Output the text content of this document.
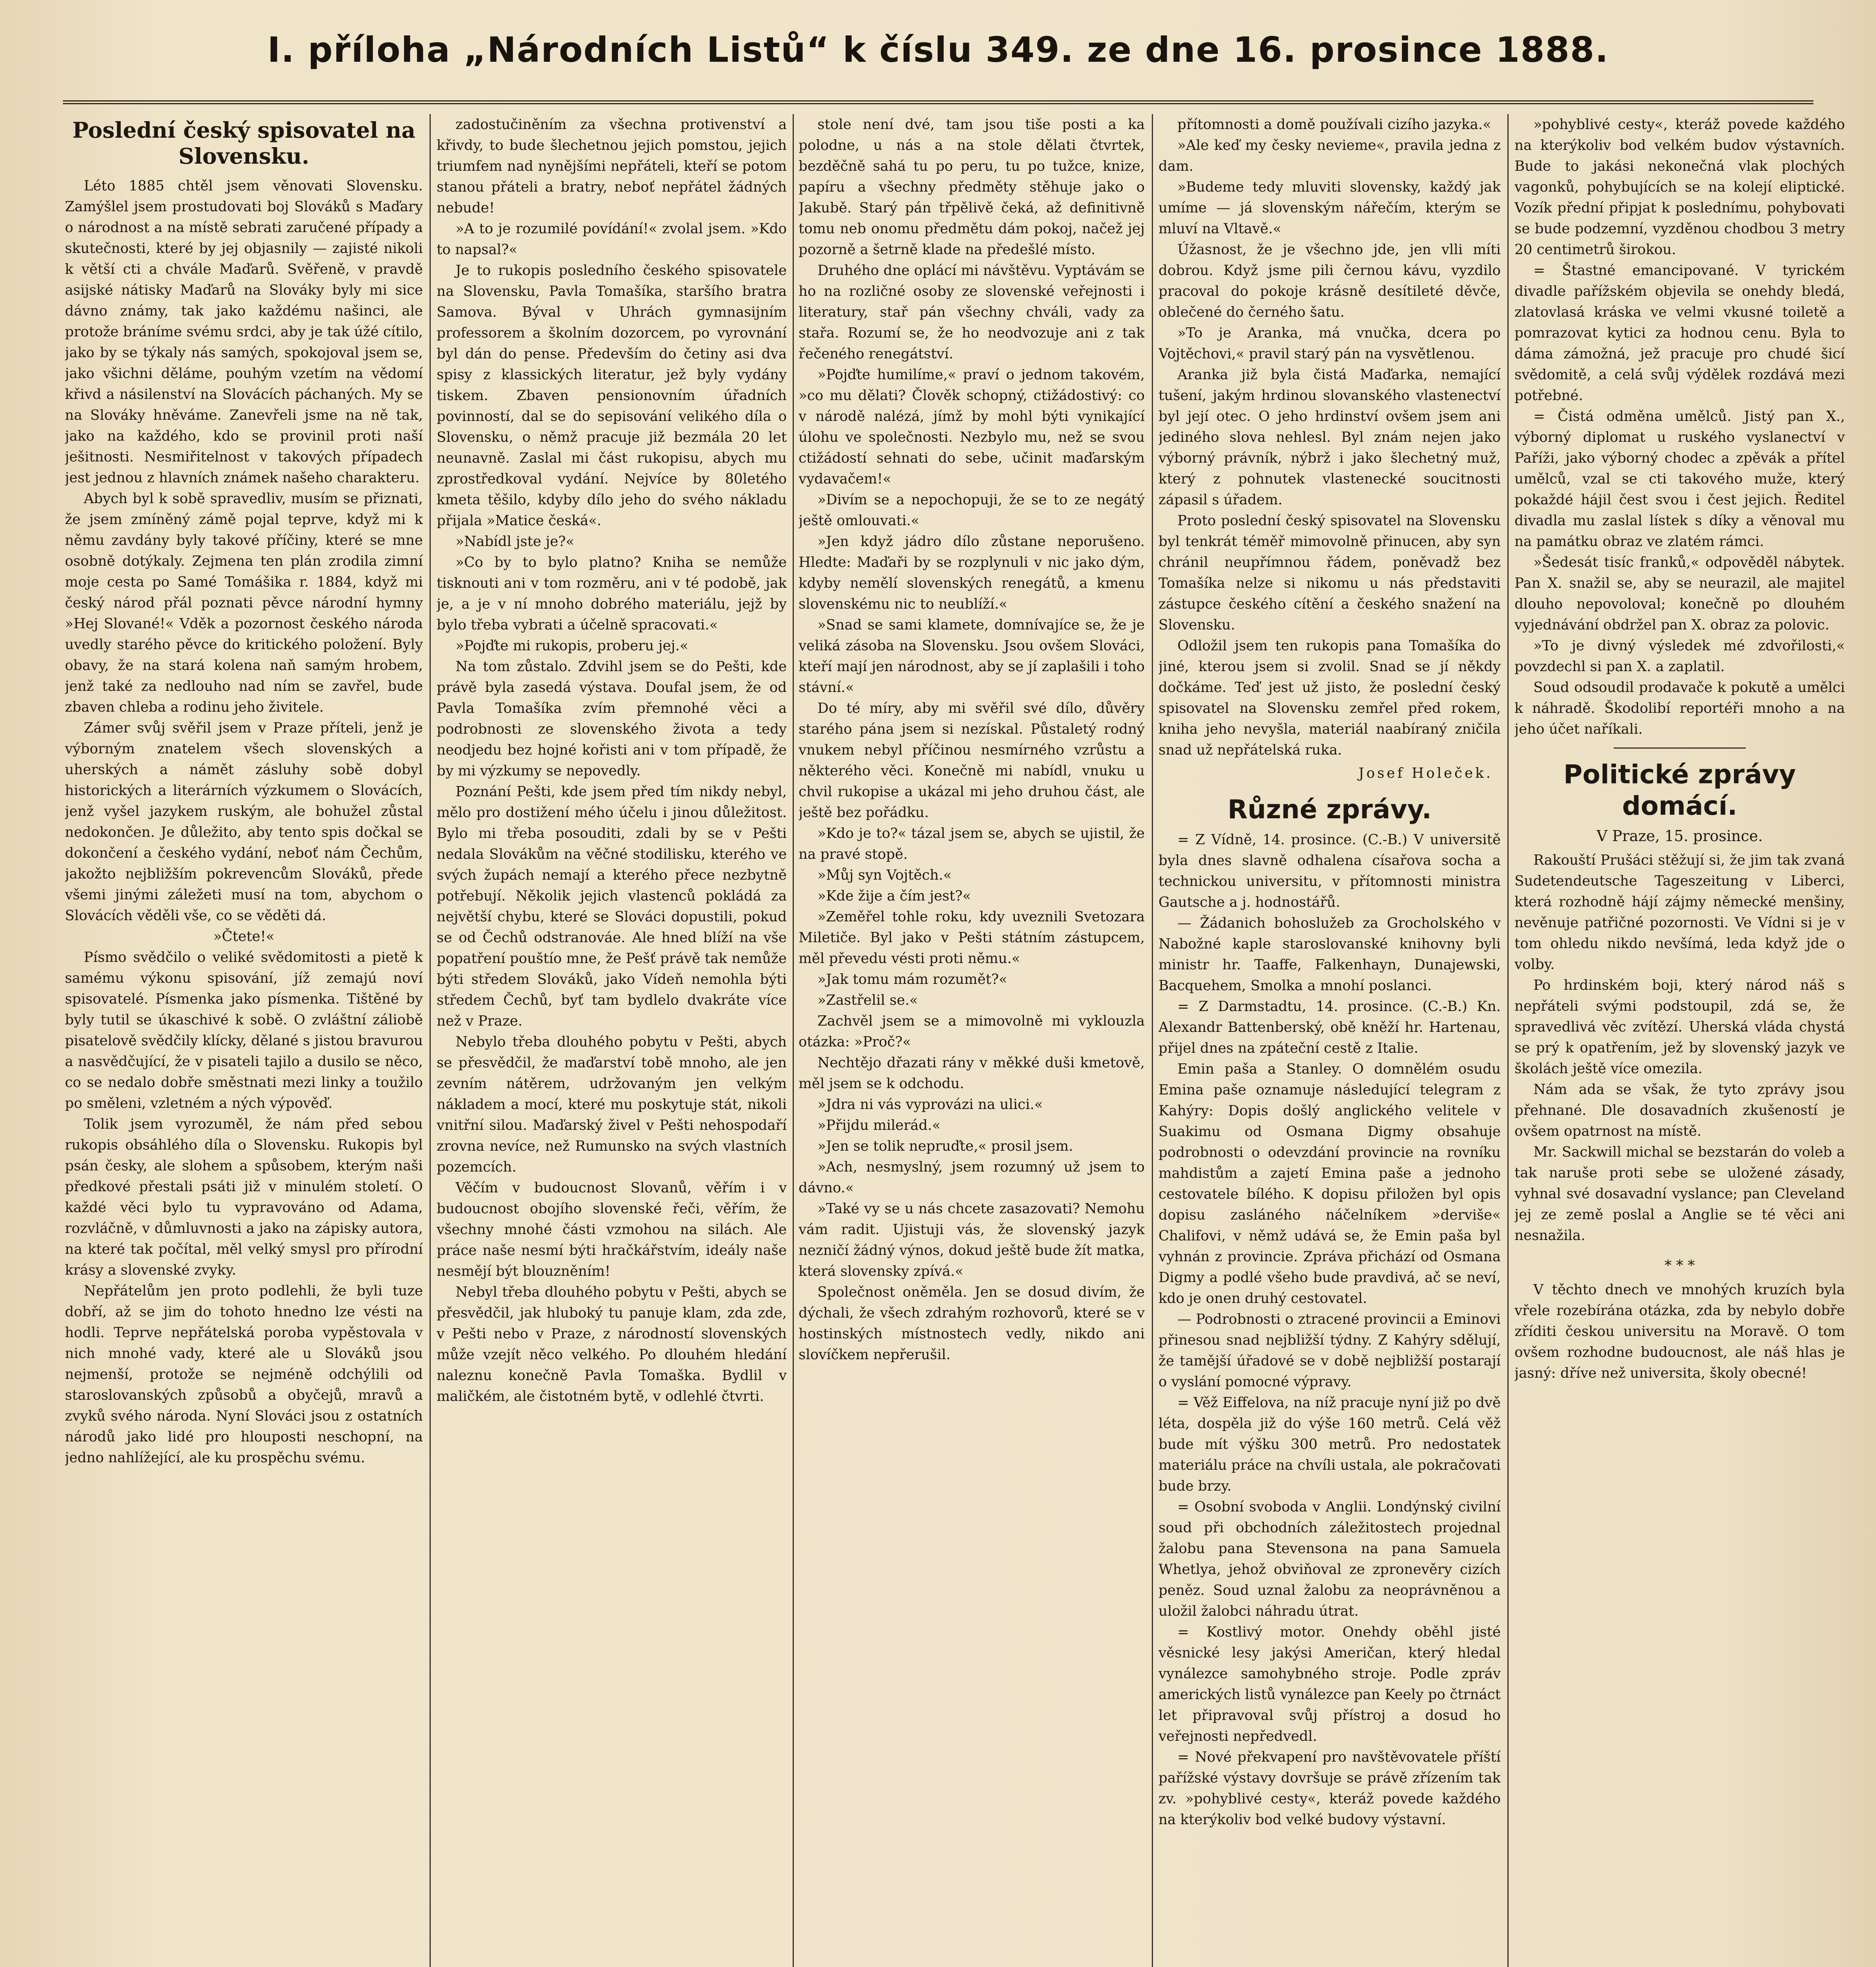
I. příloha „Národních Listů“ k číslu 349. ze dne 16. prosince 1888.
Poslední český spisovatel na Slovensku.

Léto 1885 chtěl jsem věnovati Slovensku. Zamýšlel jsem prostudovati boj Slováků s Maďary o národnost a na místě sebrati zaručené případy a skutečnosti, které by jej objasnily — zajisté nikoli k větší cti a chvále Maďarů. Svěřeně, v pravdě asijské nátisky Maďarů na Slováky byly mi sice dávno známy, tak jako každému našinci, ale protože bráníme svému srdci, aby je tak úžé cítilo, jako by se týkaly nás samých, spokojoval jsem se, jako všichni děláme, pouhým vzetím na vědomí křivd a násilenství na Slovácích páchaných. My se na Slováky hněváme. Zanevřeli jsme na ně tak, jako na každého, kdo se provinil proti naší ješitnosti. Nesmiřitelnost v takových případech jest jednou z hlavních známek našeho charakteru.

Abych byl k sobě spravedliv, musím se přiznati, že jsem zmíněný zámě pojal teprve, když mi k němu zavdány byly takové příčiny, které se mne osobně dotýkaly. Zejmena ten plán zrodila zimní moje cesta po Samé Tomášika r. 1884, když mi český národ přál poznati pěvce národní hymny »Hej Slované!« Vděk a pozornost českého národa uvedly starého pěvce do kritického položení. Byly obavy, že na stará kolena naň samým hrobem, jenž také za nedlouho nad ním se zavřel, bude zbaven chleba a rodinu jeho živitele.

Zámer svůj svěřil jsem v Praze příteli, jenž je výborným znatelem všech slovenských a uherských a námět zásluhy sobě dobyl historických a literárních výzkumem o Slovácích, jenž vyšel jazykem ruským, ale bohužel zůstal nedokončen. Je důležito, aby tento spis dočkal se dokončení a českého vydání, neboť nám Čechům, jakožto nejbližším pokrevencům Slováků, přede všemi jinými záležeti musí na tom, abychom o Slovácích věděli vše, co se věděti dá.

»Čtete!«

Písmo svědčilo o veliké svědomitosti a pietě k samému výkonu spisování, jíž zemajú noví spisovatelé. Písmenka jako písmenka. Tištěné by byly tutil se úkaschivé k sobě. O zvláštní záliobě pisatelově svědčily klícky, dělané s jistou bravurou a nasvědčující, že v pisateli tajilo a dusilo se něco, co se nedalo dobře směstnati mezi linky a toužilo po směleni, vzletném a ných výpověď.

Tolik jsem vyrozuměl, že nám před sebou rukopis obsáhlého díla o Slovensku. Rukopis byl psán česky, ale slohem a spůsobem, kterým naši předkové přestali psáti již v minulém století. O každé věci bylo tu vypravováno od Adama, rozvláčně, v důmluvnosti a jako na zápisky autora, na které tak počítal, měl velký smysl pro přírodní krásy a slovenské zvyky.

Nepřátelům jen proto podlehli, že byli tuze dobří, až se jim do tohoto hnedno lze vésti na hodli. Teprve nepřátelská poroba vypěstovala v nich mnohé vady, které ale u Slováků jsou nejmenší, protože se nejméně odchýlili od staroslovanských způsobů a obyčejů, mravů a zvyků svého národa. Nyní Slováci jsou z ostatních národů jako lidé pro hlouposti neschopní, na jedno nahlížející, ale ku prospěchu svému.

zadostučiněním za všechna protivenství a křivdy, to bude šlechetnou jejich pomstou, jejich triumfem nad nynějšími nepřáteli, kteří se potom stanou přáteli a bratry, neboť nepřátel žádných nebude!

»A to je rozumilé povídání!« zvolal jsem. »Kdo to napsal?«

Je to rukopis posledního českého spisovatele na Slovensku, Pavla Tomašíka, staršího bratra Samova. Býval v Uhrách gymnasijním professorem a školním dozorcem, po vyrovnání byl dán do pense. Především do četiny asi dva spisy z klassických literatur, jež byly vydány tiskem. Zbaven pensionovním úřadních povinností, dal se do sepisování velikého díla o Slovensku, o němž pracuje již bezmála 20 let neunavně. Zaslal mi část rukopisu, abych mu zprostředkoval vydání. Nejvíce by 80letého kmeta těšilo, kdyby dílo jeho do svého nákladu přijala »Matice česká«.

»Nabídl jste je?«

»Co by to bylo platno? Kniha se nemůže tisknouti ani v tom rozměru, ani v té podobě, jak je, a je v ní mnoho dobrého materiálu, jejž by bylo třeba vybrati a účelně spracovati.«

»Pojďte mi rukopis, proberu jej.«

Na tom zůstalo. Zdvihl jsem se do Pešti, kde právě byla zasedá výstava. Doufal jsem, že od Pavla Tomašíka zvím přemnohé věci a podrobnosti ze slovenského života a tedy neodjedu bez hojné kořisti ani v tom případě, že by mi výzkumy se nepovedly.

Poznání Pešti, kde jsem před tím nikdy nebyl, mělo pro dostižení mého účelu i jinou důležitost. Bylo mi třeba posouditi, zdali by se v Pešti nedala Slovákům na věčné stodilisku, kterého ve svých župách nemají a kterého přece nezbytně potřebují. Několik jejich vlastenců pokládá za největší chybu, které se Slováci dopustili, pokud se od Čechů odstranováe. Ale hned blíží na vše popatření pouštío mne, že Pešť právě tak nemůže býti středem Slováků, jako Vídeň nemohla býti středem Čechů, byť tam bydlelo dvakráte více než v Praze.

Nebylo třeba dlouhého pobytu v Pešti, abych se přesvědčil, že maďarství tobě mnoho, ale jen zevním nátěrem, udržovaným jen velkým nákladem a mocí, které mu poskytuje stát, nikoli vnitřní silou. Maďarský živel v Pešti nehospodaří zrovna nevíce, než Rumunsko na svých vlastních pozemcích.

Věčím v budoucnost Slovanů, věřím i v budoucnost obojího slovenské řeči, věřím, že všechny mnohé části vzmohou na silách. Ale práce naše nesmí býti hračkářstvím, ideály naše nesmějí být blouzněním!

Nebyl třeba dlouhého pobytu v Pešti, abych se přesvědčil, jak hluboký tu panuje klam, zda zde, v Pešti nebo v Praze, z národností slovenských může vzejít něco velkého. Po dlouhém hledání naleznu konečně Pavla Tomaška. Bydlil v maličkém, ale čistotném bytě, v odlehlé čtvrti.

stole není dvé, tam jsou tiše posti a ka polodne, u nás a na stole dělati čtvrtek, bezděčně sahá tu po peru, tu po tužce, knize, papíru a všechny předměty stěhuje jako o Jakubě. Starý pán třpělivě čeká, až definitivně tomu neb onomu předmětu dám pokoj, načež jej pozorně a šetrně klade na předešlé místo.

Druhého dne oplácí mi návštěvu. Vyptávám se ho na rozličné osoby ze slovenské veřejnosti i literatury, stař pán všechny chváli, vady za stařa. Rozumí se, že ho neodvozuje ani z tak řečeného renegátství.

»Pojďte humilíme,« praví o jednom takovém, »co mu dělati? Člověk schopný, ctižádostivý: co v národě nalézá, jímž by mohl býti vynikající úlohu ve společnosti. Nezbylo mu, než se svou ctižádostí sehnati do sebe, učinit maďarským vydavačem!«

»Divím se a nepochopuji, že se to ze negátý ještě omlouvati.«

»Jen když jádro dílo zůstane neporušeno. Hledte: Maďaři by se rozplynuli v nic jako dým, kdyby nemělí slovenských renegátů, a kmenu slovenskému nic to neublíží.«

»Snad se sami klamete, domnívajíce se, že je veliká zásoba na Slovensku. Jsou ovšem Slováci, kteří mají jen národnost, aby se jí zaplašili i toho stávní.«

Do té míry, aby mi svěřil své dílo, důvěry starého pána jsem si nezískal. Půstaletý rodný vnukem nebyl příčinou nesmírného vzrůstu a některého věci. Konečně mi nabídl, vnuku u chvil rukopise a ukázal mi jeho druhou část, ale ještě bez pořádku.

»Kdo je to?« tázal jsem se, abych se ujistil, že na pravé stopě.

»Můj syn Vojtěch.«

»Kde žije a čím jest?«

»Zeměřel tohle roku, kdy uveznili Svetozara Miletiče. Byl jako v Pešti státním zástupcem, měl převedu vésti proti němu.«

»Jak tomu mám rozumět?«

»Zastřelil se.«

Zachvěl jsem se a mimovolně mi vyklouzla otázka: »Proč?«

Nechtějo dřazati rány v měkké duši kmetově, měl jsem se k odchodu.

»Jdra ni vás vyprovázi na ulici.«

»Přijdu milerád.«

»Jen se tolik nepruďte,« prosil jsem.

»Ach, nesmyslný, jsem rozumný už jsem to dávno.«

»Také vy se u nás chcete zasazovati? Nemohu vám radit. Ujistuji vás, že slovenský jazyk nezničí žádný výnos, dokud ještě bude žít matka, která slovensky zpívá.«

Společnost oněměla. Jen se dosud divím, že dýchali, že všech zdrahým rozhovorů, které se v hostinských místnostech vedly, nikdo ani slovíčkem nepřerušil.

přítomnosti a domě používali cizího jazyka.«

»Ale keď my česky nevieme«, pravila jedna z dam.

»Budeme tedy mluviti slovensky, každý jak umíme — já slovenským nářečím, kterým se mluví na Vltavě.«

Úžasnost, že je všechno jde, jen vlli míti dobrou. Když jsme pili černou kávu, vyzdilo pracoval do pokoje krásně desítileté děvče, oblečené do černého šatu.

»To je Aranka, má vnučka, dcera po Vojtěchovi,« pravil starý pán na vysvětlenou.

Aranka již byla čistá Maďarka, nemající tušení, jakým hrdinou slovanského vlastenectví byl její otec. O jeho hrdinství ovšem jsem ani jediného slova nehlesl. Byl znám nejen jako výborný právník, nýbrž i jako šlechetný muž, který z pohnutek vlastenecké soucitnosti zápasil s úřadem.

Proto poslední český spisovatel na Slovensku byl tenkrát téměř mimovolně přinucen, aby syn chránil neupřímnou řádem, poněvadž bez Tomašíka nelze si nikomu u nás představiti zástupce českého cítění a českého snažení na Slovensku.

Odložil jsem ten rukopis pana Tomašíka do jiné, kterou jsem si zvolil. Snad se jí někdy dočkáme. Teď jest už jisto, že poslední český spisovatel na Slovensku zemřel před rokem, kniha jeho nevyšla, materiál naabíraný zničila snad už nepřátelská ruka.

Josef Holeček.
Různé zprávy.

= Z Vídně, 14. prosince. (C.-B.) V universitě byla dnes slavně odhalena císařova socha a technickou universitu, v přítomnosti ministra Gautsche a j. hodnostářů.

— Žádanich bohoslužeb za Grocholského v Nabožné kaple staroslovanské knihovny byli ministr hr. Taaffe, Falkenhayn, Dunajewski, Bacquehem, Smolka a mnohí poslanci.

= Z Darmstadtu, 14. prosince. (C.-B.) Kn. Alexandr Battenberský, obě kněží hr. Hartenau, přijel dnes na zpáteční cestě z Italie.

Emin paša a Stanley. O domnělém osudu Emina paše oznamuje následující telegram z Kahýry: Dopis došlý anglického velitele v Suakimu od Osmana Digmy obsahuje podrobnosti o odevzdání provincie na rovníku mahdistům a zajetí Emina paše a jednoho cestovatele bílého. K dopisu přiložen byl opis dopisu zasláného náčelníkem »derviše« Chalifovi, v němž udává se, že Emin paša byl vyhnán z provincie. Zpráva přichází od Osmana Digmy a podlé všeho bude pravdivá, ač se neví, kdo je onen druhý cestovatel.

— Podrobnosti o ztracené provincii a Eminovi přinesou snad nejbližší týdny. Z Kahýry sdělují, že tamější úřadové se v době nejbližší postarají o vyslání pomocné výpravy.

= Věž Eiffelova, na níž pracuje nyní již po dvě léta, dospěla již do výše 160 metrů. Celá věž bude mít výšku 300 metrů. Pro nedostatek materiálu práce na chvíli ustala, ale pokračovati bude brzy.

= Osobní svoboda v Anglii. Londýnský civilní soud při obchodních záležitostech projednal žalobu pana Stevensona na pana Samuela Whetlya, jehož obviňoval ze zpronevěry cizích peněz. Soud uznal žalobu za neoprávněnou a uložil žalobci náhradu útrat.

= Kostlivý motor. Onehdy oběhl jisté věsnické lesy jakýsi Američan, který hledal vynálezce samohybného stroje. Podle zpráv amerických listů vynálezce pan Keely po čtrnáct let připravoval svůj přístroj a dosud ho veřejnosti nepředvedl.

= Nové překvapení pro navštěvovatele příští pařížské výstavy dovršuje se právě zřízením tak zv. »pohyblivé cesty«, kteráž povede každého na kterýkoliv bod velké budovy výstavní.

»pohyblivé cesty«, kteráž povede každého na kterýkoliv bod velkém budov výstavních. Bude to jakási nekonečná vlak plochých vagonků, pohybujících se na kolejí eliptické. Vozík přední připjat k poslednímu, pohybovati se bude podzemní, vyzděnou chodbou 3 metry 20 centimetrů širokou.

= Štastné emancipované. V tyrickém divadle pařížském objevila se onehdy bledá, zlatovlasá kráska ve velmi vkusné toiletě a pomrazovat kytici za hodnou cenu. Byla to dáma zámožná, jež pracuje pro chudé šicí svědomitě, a celá svůj výdělek rozdává mezi potřebné.

= Čistá odměna umělců. Jistý pan X., výborný diplomat u ruského vyslanectví v Paříži, jako výborný chodec a zpěvák a přítel umělců, vzal se cti takového muže, který pokaždé hájil čest svou i čest jejich. Ředitel divadla mu zaslal lístek s díky a věnoval mu na památku obraz ve zlatém rámci.

»Šedesát tisíc franků,« odpověděl nábytek. Pan X. snažil se, aby se neurazil, ale majitel dlouho nepovoloval; konečně po dlouhém vyjednávání obdržel pan X. obraz za polovic.

»To je divný výsledek mé zdvořilosti,« povzdechl si pan X. a zaplatil.

Soud odsoudil prodavače k pokutě a umělci k náhradě. Škodolibí reportéři mnoho a na jeho účet naříkali.

Politické zprávy domácí.
V Praze, 15. prosince.

Rakouští Prušáci stěžují si, že jim tak zvaná Sudetendeutsche Tageszeitung v Liberci, která rozhodně hájí zájmy německé menšiny, nevěnuje patřičné pozornosti. Ve Vídni si je v tom ohledu nikdo nevšímá, leda když jde o volby.

Po hrdinském boji, který národ náš s nepřáteli svými podstoupil, zdá se, že spravedlivá věc zvítězí. Uherská vláda chystá se prý k opatřením, jež by slovenský jazyk ve školách ještě více omezila.

Nám ada se však, že tyto zprávy jsou přehnané. Dle dosavadních zkušeností je ovšem opatrnost na místě.

Mr. Sackwill michal se bezstarán do voleb a tak naruše proti sebe se uložené zásady, vyhnal své dosavadní vyslance; pan Cleveland jej ze země poslal a Anglie se té věci ani nesnažila.

* * *

V těchto dnech ve mnohých kruzích byla vřele rozebírána otázka, zda by nebylo dobře zříditi českou universitu na Moravě. O tom ovšem rozhodne budoucnost, ale náš hlas je jasný: dříve než universita, školy obecné!
